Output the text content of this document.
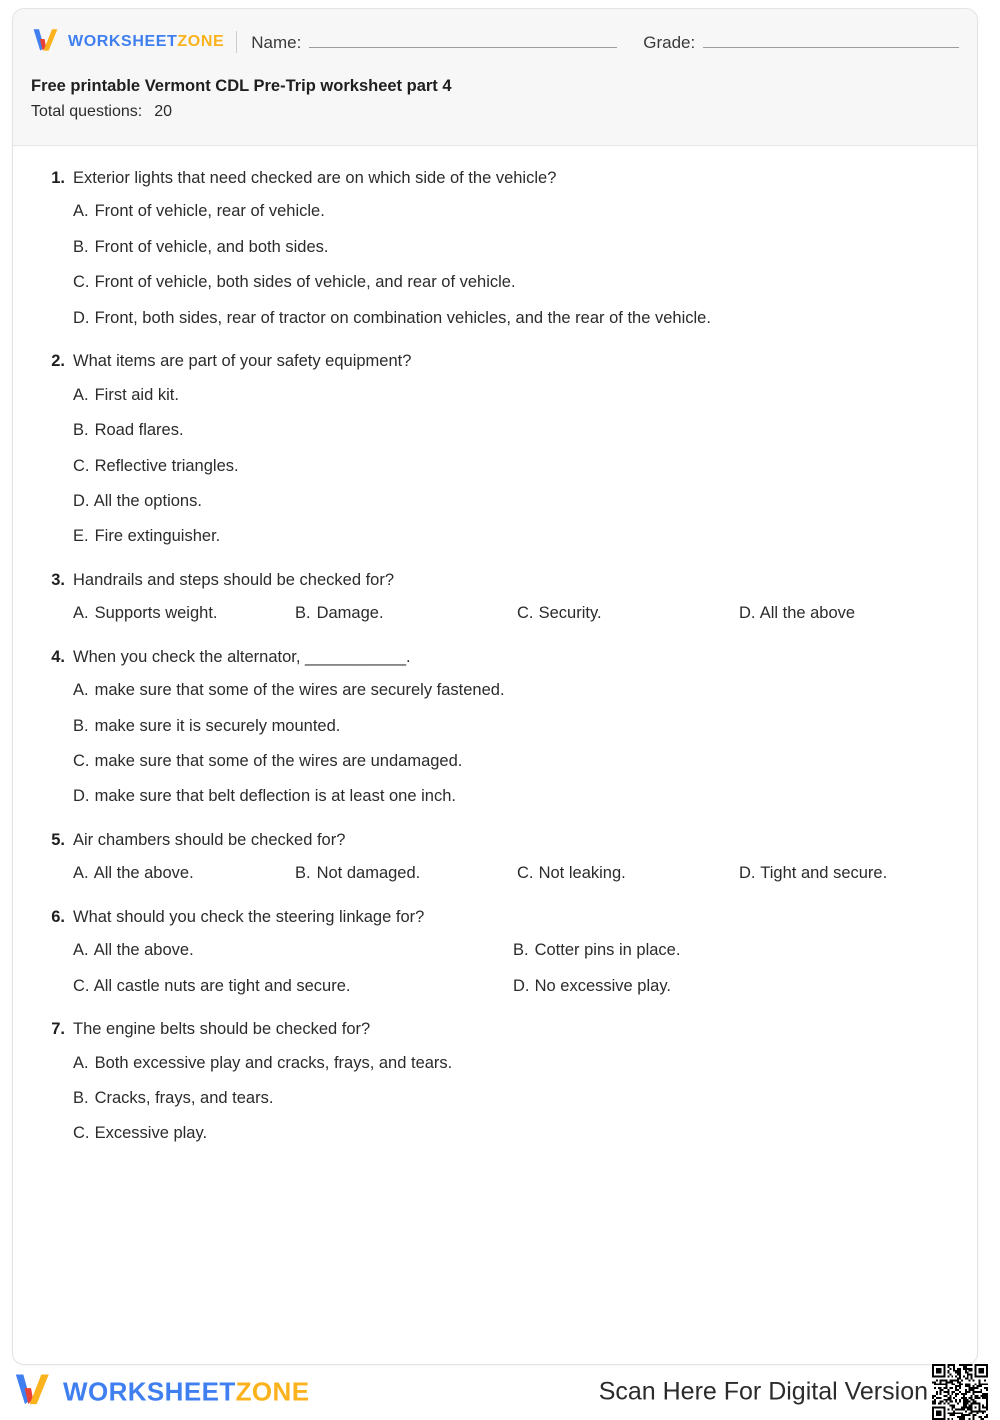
WORKSHEETZONE Name:	Grade:
Free printable Vermont CDL Pre-Trip worksheet part 4
Total questions: 20
1. Exterior lights that need checked are on which side of the vehicle?
A. Front of vehicle, rear of vehicle.
B. Front of vehicle, and both sides.
C. Front of vehicle, both sides of vehicle, and rear of vehicle.
D. Front, both sides, rear of tractor on combination vehicles, and the rear of the vehicle.
2. What items are part of your safety equipment?
A. First aid kit.
B. Road flares.
C. Reflective triangles.
D. All the options.
E. Fire extinguisher.
3. Handrails and steps should be checked for?
A. Supports weight.	B. Damage.	C. Security.	D. All the above
4. When you check the alternator, ___________.
A. make sure that some of the wires are securely fastened.
B. make sure it is securely mounted.
C. make sure that some of the wires are undamaged.
D. make sure that belt deflection is at least one inch.
5. Air chambers should be checked for?
A. All the above.	B. Not damaged.	C. Not leaking.	D. Tight and secure.
6. What should you check the steering linkage for?
A. All the above.	B. Cotter pins in place.
C. All castle nuts are tight and secure.	D. No excessive play.
7. The engine belts should be checked for?
A. Both excessive play and cracks, frays, and tears.
B. Cracks, frays, and tears.
C. Excessive play.
WORKSHEETZONE	Scan Here For Digital Version
